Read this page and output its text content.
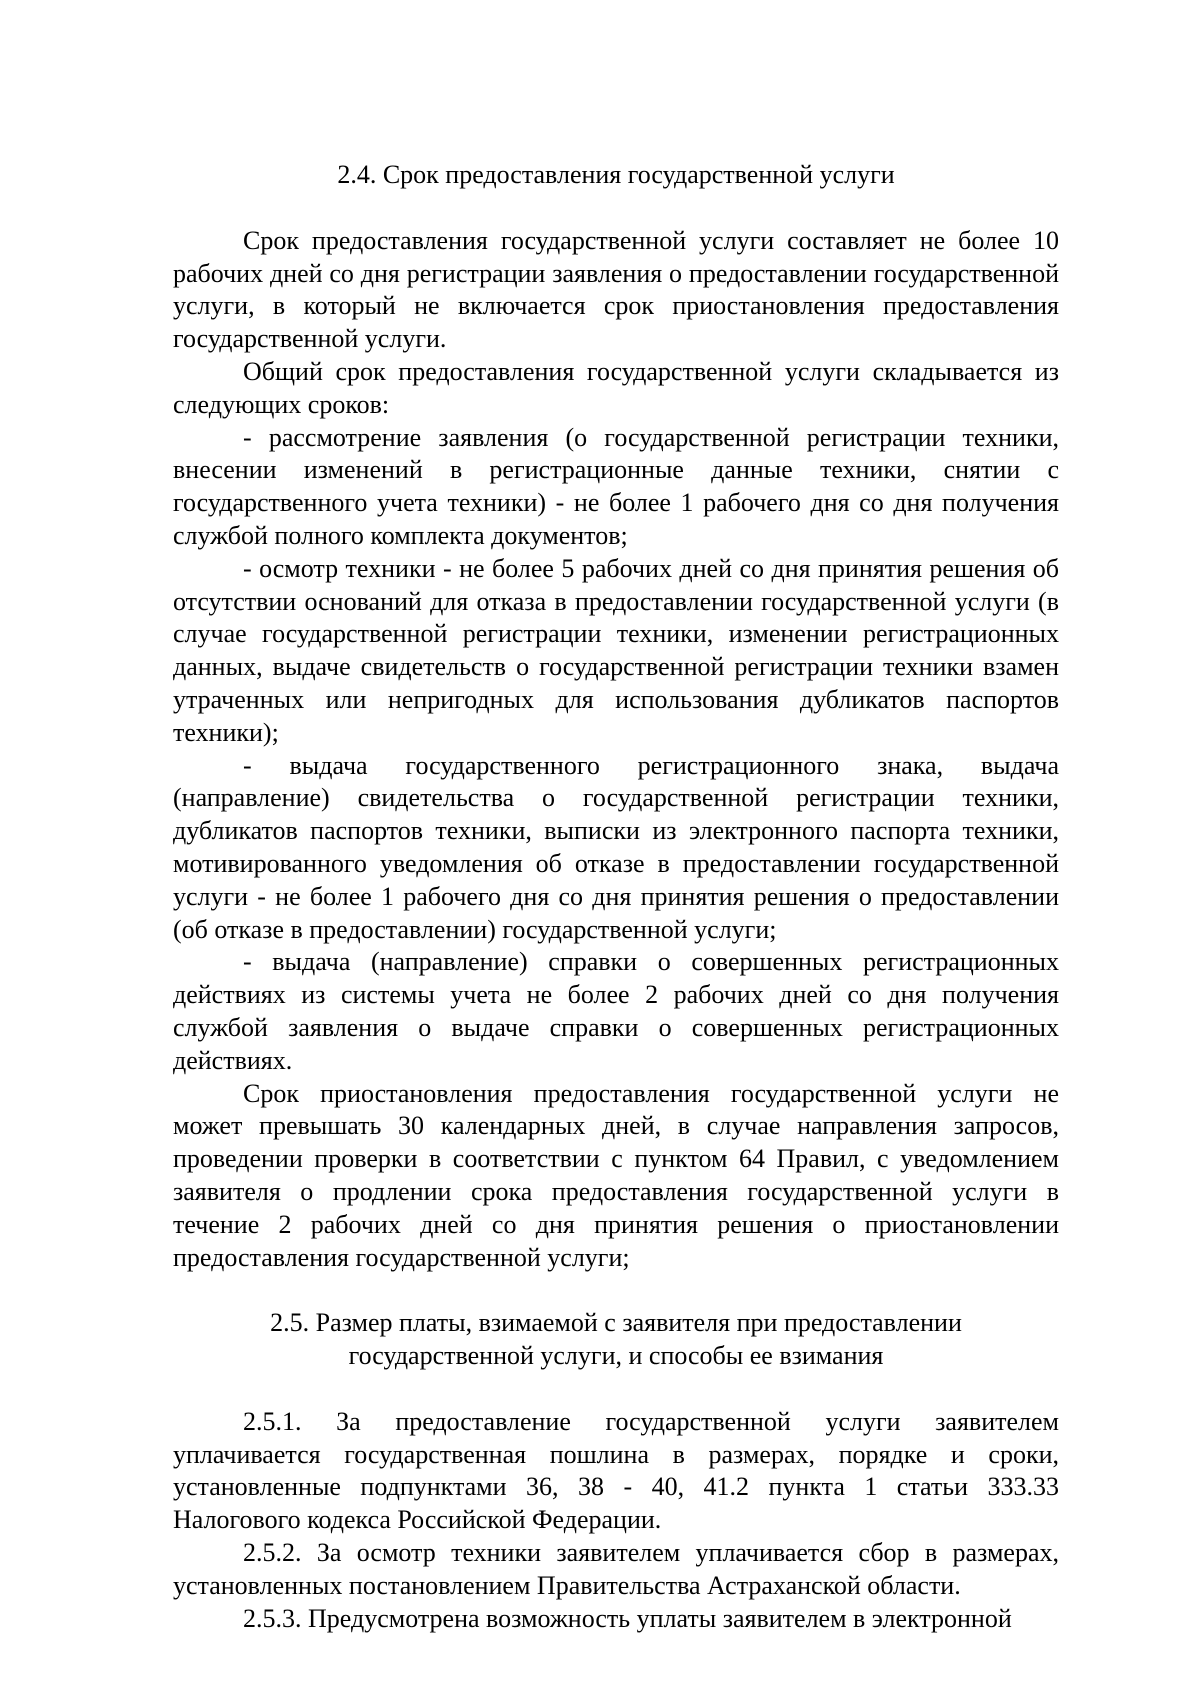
2.4. Срок предоставления государственной услуги

Срок предоставления государственной услуги составляет не более 10 рабочих дней со дня регистрации заявления о предоставлении государственной услуги, в который не включается срок приостановления предоставления государственной услуги.

Общий срок предоставления государственной услуги складывается из следующих сроков:

- рассмотрение заявления (о государственной регистрации техники, внесении изменений в регистрационные данные техники, снятии с государственного учета техники) - не более 1 рабочего дня со дня получения службой полного комплекта документов;

- осмотр техники - не более 5 рабочих дней со дня принятия решения об отсутствии оснований для отказа в предоставлении государственной услуги (в случае государственной регистрации техники, изменении регистрационных данных, выдаче свидетельств о государственной регистрации техники взамен утраченных или непригодных для использования дубликатов паспортов техники);

- выдача государственного регистрационного знака, выдача (направление) свидетельства о государственной регистрации техники, дубликатов паспортов техники, выписки из электронного паспорта техники, мотивированного уведомления об отказе в предоставлении государственной услуги - не более 1 рабочего дня со дня принятия решения о предоставлении (об отказе в предоставлении) государственной услуги;

- выдача (направление) справки о совершенных регистрационных действиях из системы учета не более 2 рабочих дней со дня получения службой заявления о выдаче справки о совершенных регистрационных действиях.

Срок приостановления предоставления государственной услуги не может превышать 30 календарных дней, в случае направления запросов, проведении проверки в соответствии с пунктом 64 Правил, с уведомлением заявителя о продлении срока предоставления государственной услуги в течение 2 рабочих дней со дня принятия решения о приостановлении предоставления государственной услуги;

2.5. Размер платы, взимаемой с заявителя при предоставлении
государственной услуги, и способы ее взимания

2.5.1. За предоставление государственной услуги заявителем уплачивается государственная пошлина в размерах, порядке и сроки, установленные подпунктами 36, 38 - 40, 41.2 пункта 1 статьи 333.33 Налогового кодекса Российской Федерации.

2.5.2. За осмотр техники заявителем уплачивается сбор в размерах, установленных постановлением Правительства Астраханской области.

2.5.3. Предусмотрена возможность уплаты заявителем в электронной
